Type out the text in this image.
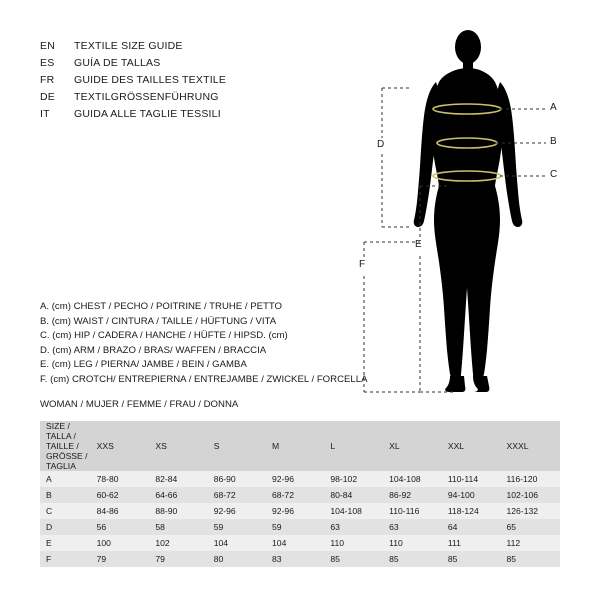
EN	TEXTILE SIZE GUIDE
ES	GUÍA DE TALLAS
FR	GUIDE DES TAILLES TEXTILE
DE	TEXTILGRÖSSENFÜHRUNG
IT	GUIDA ALLE TAGLIE TESSILI
A. (cm) CHEST / PECHO / POITRINE / TRUHE / PETTO
B. (cm) WAIST / CINTURA / TAILLE / HÜFTUNG / VITA
C. (cm) HIP / CADERA / HANCHE / HÜFTE / HIPSD. (cm)
D. (cm) ARM / BRAZO / BRAS/ WAFFEN / BRACCIA
E. (cm) LEG / PIERNA/ JAMBE / BEIN / GAMBA
F. (cm) CROTCH/ ENTREPIERNA / ENTREJAMBE / ZWICKEL / FORCELLA
WOMAN / MUJER / FEMME / FRAU / DONNA
A
B
C
D
E
F
SIZE / TALLA / TAILLE / GRÖSSE / TAGLIA	XXS	XS	S	M	L	XL	XXL	XXXL
A	78-80	82-84	86-90	92-96	98-102	104-108	110-114	116-120
B	60-62	64-66	68-72	68-72	80-84	86-92	94-100	102-106
C	84-86	88-90	92-96	92-96	104-108	110-116	118-124	126-132
D	56	58	59	59	63	63	64	65
E	100	102	104	104	110	110	111	112
F	79	79	80	83	85	85	85	85
